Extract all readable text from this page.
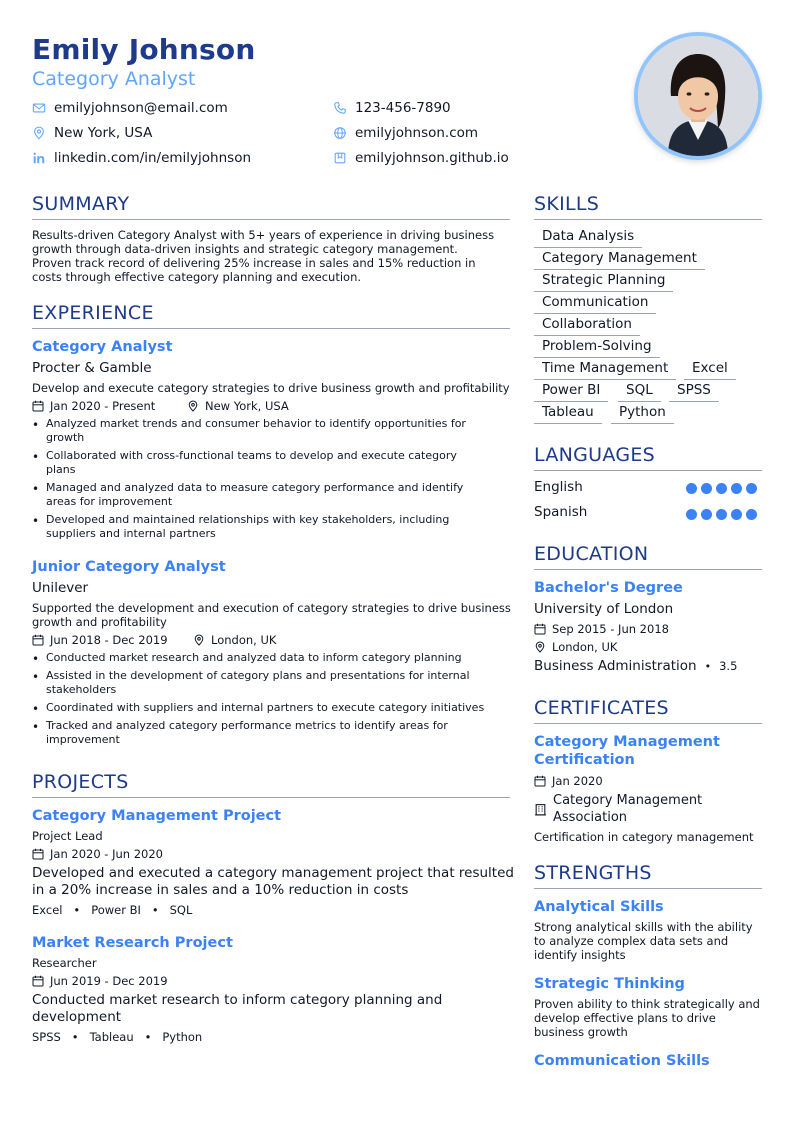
Emily Johnson
Category Analyst
emilyjohnson@email.com	123-456-7890
New York, USA	emilyjohnson.com
linkedin.com/in/emilyjohnson	emilyjohnson.github.io
SUMMARY
Results-driven Category Analyst with 5+ years of experience in driving business
growth through data-driven insights and strategic category management.
Proven track record of delivering 25% increase in sales and 15% reduction in
costs through effective category planning and execution.
EXPERIENCE
Category Analyst
Procter & Gamble
Develop and execute category strategies to drive business growth and profitability
Jan 2020 - Present	New York, USA
• Analyzed market trends and consumer behavior to identify opportunities for
growth
• Collaborated with cross-functional teams to develop and execute category
plans
• Managed and analyzed data to measure category performance and identify
areas for improvement
• Developed and maintained relationships with key stakeholders, including
suppliers and internal partners
Junior Category Analyst
Unilever
Supported the development and execution of category strategies to drive business
growth and profitability
Jun 2018 - Dec 2019	London, UK
• Conducted market research and analyzed data to inform category planning
• Assisted in the development of category plans and presentations for internal
stakeholders
• Coordinated with suppliers and internal partners to execute category initiatives
• Tracked and analyzed category performance metrics to identify areas for
improvement
PROJECTS
Category Management Project
Project Lead
Jan 2020 - Jun 2020
Developed and executed a category management project that resulted
in a 20% increase in sales and a 10% reduction in costs
Excel   •   Power BI   •   SQL
Market Research Project
Researcher
Jun 2019 - Dec 2019
Conducted market research to inform category planning and
development
SPSS   •   Tableau   •   Python
SKILLS
Data Analysis
Category Management
Strategic Planning
Communication
Collaboration
Problem-Solving
Time Management	Excel
Power BI	SQL	SPSS
Tableau	Python
LANGUAGES
English
Spanish
EDUCATION
Bachelor's Degree
University of London
Sep 2015 - Jun 2018
London, UK
Business Administration • 3.5
CERTIFICATES
Category Management
Certification
Jan 2020
Category Management
Association
Certification in category management
STRENGTHS
Analytical Skills
Strong analytical skills with the ability
to analyze complex data sets and
identify insights
Strategic Thinking
Proven ability to think strategically and
develop effective plans to drive
business growth
Communication Skills
